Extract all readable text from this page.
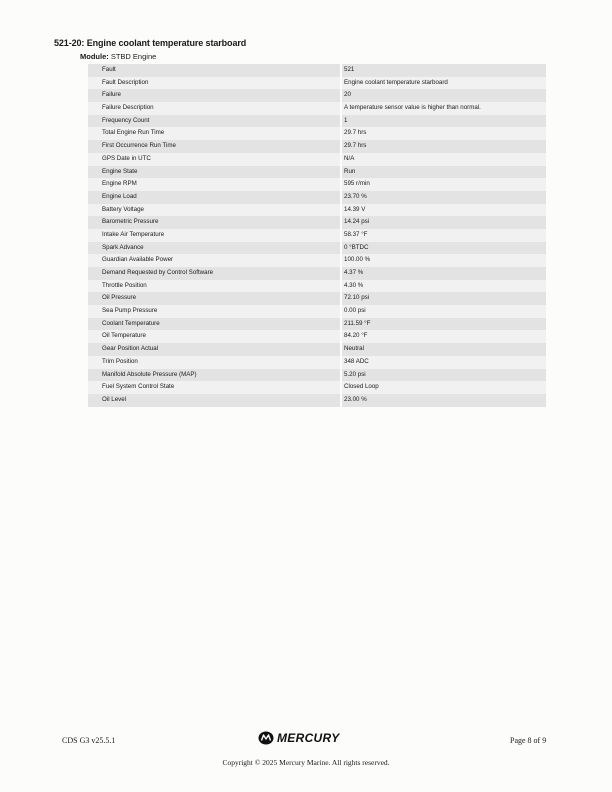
521-20: Engine coolant temperature starboard
Module: STBD Engine
Fault	521
Fault Description	Engine coolant temperature starboard
Failure	20
Failure Description	A temperature sensor value is higher than normal.
Frequency Count	1
Total Engine Run Time	29.7 hrs
First Occurrence Run Time	29.7 hrs
GPS Date in UTC	N/A
Engine State	Run
Engine RPM	595 r/min
Engine Load	23.70 %
Battery Voltage	14.39 V
Barometric Pressure	14.24 psi
Intake Air Temperature	58.37 °F
Spark Advance	0 °BTDC
Guardian Available Power	100.00 %
Demand Requested by Control Software	4.37 %
Throttle Position	4.30 %
Oil Pressure	72.10 psi
Sea Pump Pressure	0.00 psi
Coolant Temperature	211.59 °F
Oil Temperature	84.20 °F
Gear Position Actual	Neutral
Trim Position	348 ADC
Manifold Absolute Pressure (MAP)	5.20 psi
Fuel System Control State	Closed Loop
Oil Level	23.00 %
CDS G3 v25.5.1	MERCURY	Page 8 of 9
Copyright © 2025 Mercury Marine. All rights reserved.
